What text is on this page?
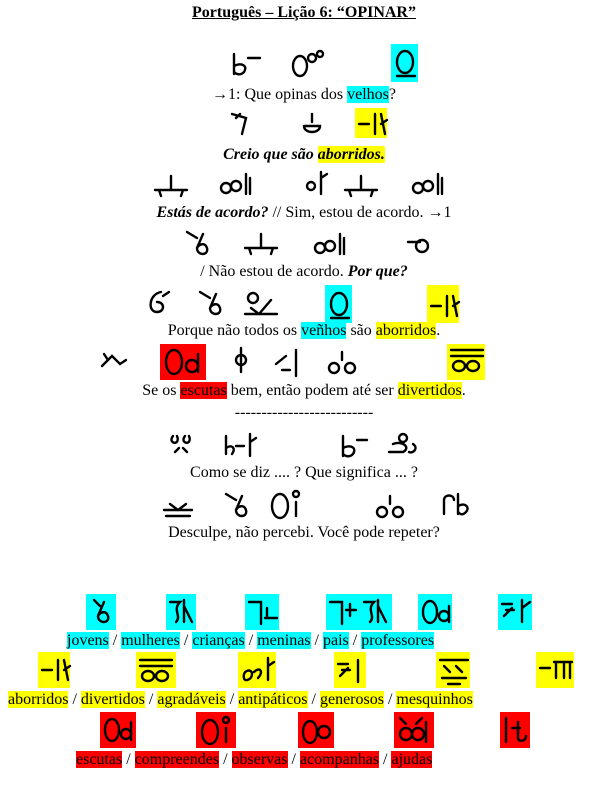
Português – Lição 6: “OPINAR”
→1: Que opinas dos velhos?
Creio que são aborridos.
Estás de acordo? // Sim, estou de acordo. →1
/ Não estou de acordo. Por que?
Porque não todos os veñhos são aborridos.
Se os escutas bem, então podem até ser divertidos.
--------------------------
Como se diz .... ? Que significa ... ?
Desculpe, não percebi. Você pode repeter?
jovens / mulheres / crianças / meninas / pais / professores
aborridos / divertidos / agradáveis / antipáticos / generosos / mesquinhos
escutas / compreendes / observas / acompanhas / ajudas
